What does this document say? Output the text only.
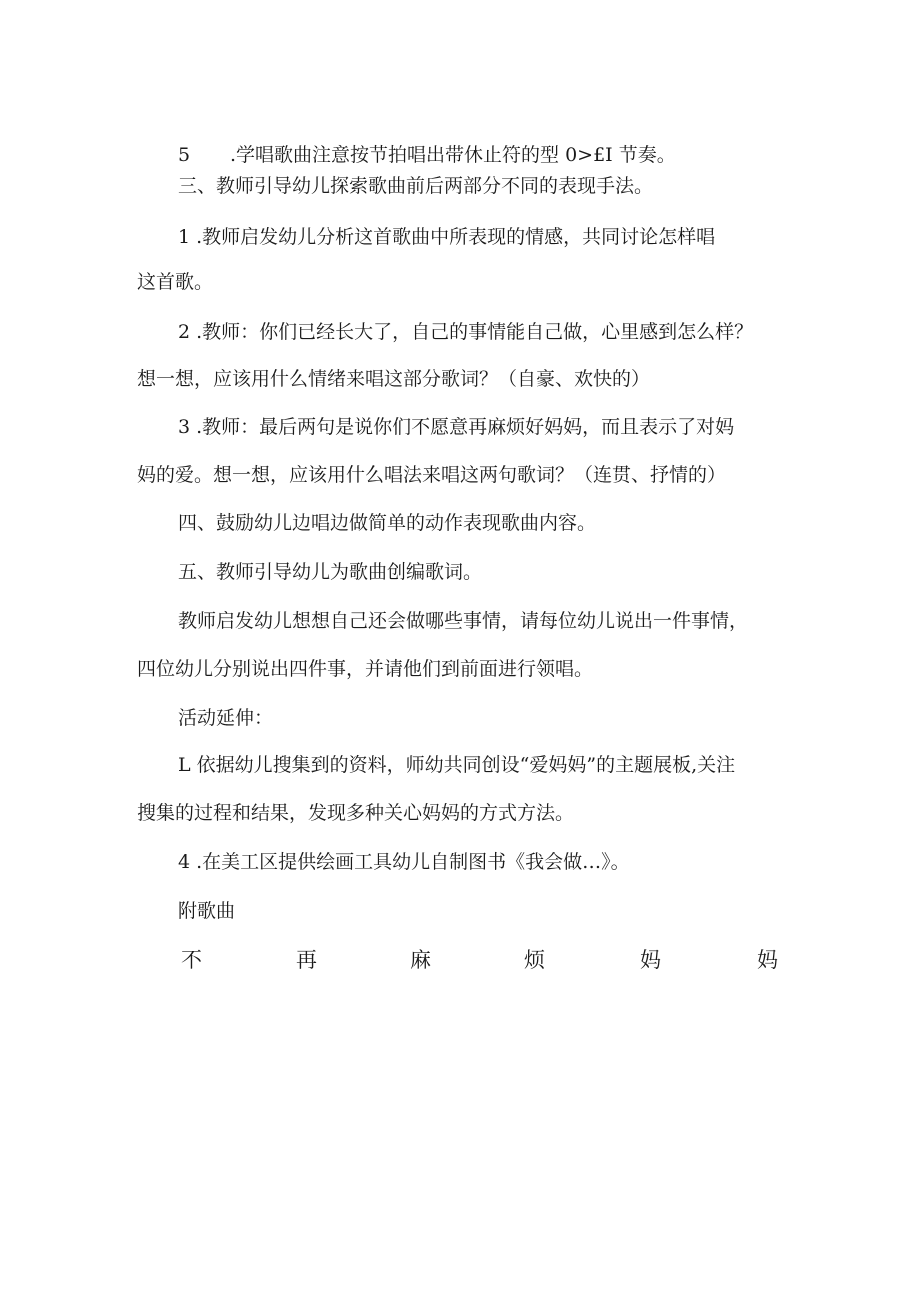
5 .学唱歌曲注意按节拍唱出带休止符的型 0>£I 节奏。
三、教师引导幼儿探索歌曲前后两部分不同的表现手法。
1 .教师启发幼儿分析这首歌曲中所表现的情感，共同讨论怎样唱
这首歌。
2 .教师：你们已经长大了，自己的事情能自己做，心里感到怎么样？
想一想，应该用什么情绪来唱这部分歌词？（自豪、欢快的）
3 .教师：最后两句是说你们不愿意再麻烦好妈妈，而且表示了对妈
妈的爱。想一想，应该用什么唱法来唱这两句歌词？（连贯、抒情的）
四、鼓励幼儿边唱边做简单的动作表现歌曲内容。
五、教师引导幼儿为歌曲创编歌词。
教师启发幼儿想想自己还会做哪些事情，请每位幼儿说出一件事情，
四位幼儿分别说出四件事，并请他们到前面进行领唱。
活动延伸：
L 依据幼儿搜集到的资料，师幼共同创设“爱妈妈”的主题展板,关注
搜集的过程和结果，发现多种关心妈妈的方式方法。
4 .在美工区提供绘画工具幼儿自制图书《我会做…》。
附歌曲
不	再	麻	烦	妈	妈
